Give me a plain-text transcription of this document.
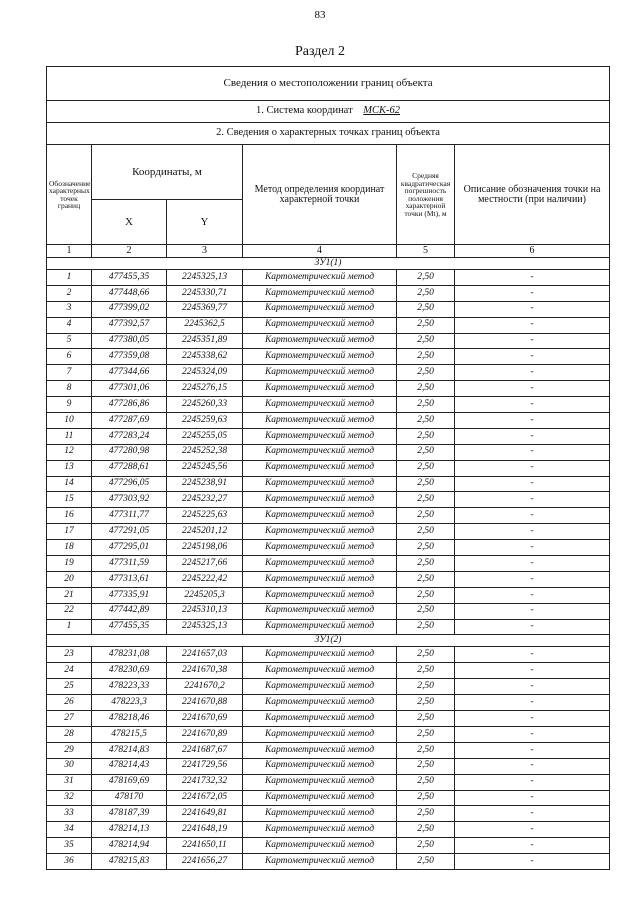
83
Раздел 2
Сведения о местоположении границ объекта					
1. Система координат МСК-62					
2. Сведения о характерных точках границ объекта					
Обозначение характерных точек границ	Координаты, м		Метод определения координат характерной точки	Средняя квадратическая погрешность положения характерной точки (Mt), м	Описание обозначения точки на местности (при наличии)
	X	Y			
1	2	3	4	5	6
ЗУ1(1)					
1	477455,35	2245325,13	Картометрический метод	2,50	-
2	477448,66	2245330,71	Картометрический метод	2,50	-
3	477399,02	2245369,77	Картометрический метод	2,50	-
4	477392,57	2245362,5	Картометрический метод	2,50	-
5	477380,05	2245351,89	Картометрический метод	2,50	-
6	477359,08	2245338,62	Картометрический метод	2,50	-
7	477344,66	2245324,09	Картометрический метод	2,50	-
8	477301,06	2245276,15	Картометрический метод	2,50	-
9	477286,86	2245260,33	Картометрический метод	2,50	-
10	477287,69	2245259,63	Картометрический метод	2,50	-
11	477283,24	2245255,05	Картометрический метод	2,50	-
12	477280,98	2245252,38	Картометрический метод	2,50	-
13	477288,61	2245245,56	Картометрический метод	2,50	-
14	477296,05	2245238,91	Картометрический метод	2,50	-
15	477303,92	2245232,27	Картометрический метод	2,50	-
16	477311,77	2245225,63	Картометрический метод	2,50	-
17	477291,05	2245201,12	Картометрический метод	2,50	-
18	477295,01	2245198,06	Картометрический метод	2,50	-
19	477311,59	2245217,66	Картометрический метод	2,50	-
20	477313,61	2245222,42	Картометрический метод	2,50	-
21	477335,91	2245205,3	Картометрический метод	2,50	-
22	477442,89	2245310,13	Картометрический метод	2,50	-
1	477455,35	2245325,13	Картометрический метод	2,50	-
ЗУ1(2)					
23	478231,08	2241657,03	Картометрический метод	2,50	-
24	478230,69	2241670,38	Картометрический метод	2,50	-
25	478223,33	2241670,2	Картометрический метод	2,50	-
26	478223,3	2241670,88	Картометрический метод	2,50	-
27	478218,46	2241670,69	Картометрический метод	2,50	-
28	478215,5	2241670,89	Картометрический метод	2,50	-
29	478214,83	2241687,67	Картометрический метод	2,50	-
30	478214,43	2241729,56	Картометрический метод	2,50	-
31	478169,69	2241732,32	Картометрический метод	2,50	-
32	478170	2241672,05	Картометрический метод	2,50	-
33	478187,39	2241649,81	Картометрический метод	2,50	-
34	478214,13	2241648,19	Картометрический метод	2,50	-
35	478214,94	2241650,11	Картометрический метод	2,50	-
36	478215,83	2241656,27	Картометрический метод	2,50	-
